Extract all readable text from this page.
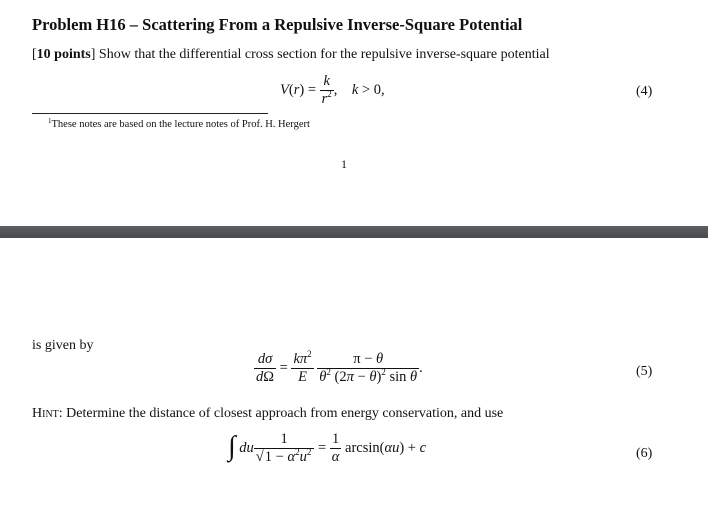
Problem H16 – Scattering From a Repulsive Inverse-Square Potential
[10 points] Show that the differential cross section for the repulsive inverse-square potential
$V(r) = \frac{k}{r^2}$ ,    k > 0,	(4)
$^1$These notes are based on the lecture notes of Prof. H. Hergert
1
is given by
$\frac{d\sigma}{d\Omega} = \frac{k\pi^2}{E}$
$\frac{\pi - \theta}{\theta^2 (2\pi - \theta)^2 \sin \theta}$ .	(5)
Hint: Determine the distance of closest approach from energy conservation, and use
∫ du $\frac{1}{√1 - \alpha^2u^2} = \frac{1}{\alpha} \arcsin(\alpha u) + c$	(6)
